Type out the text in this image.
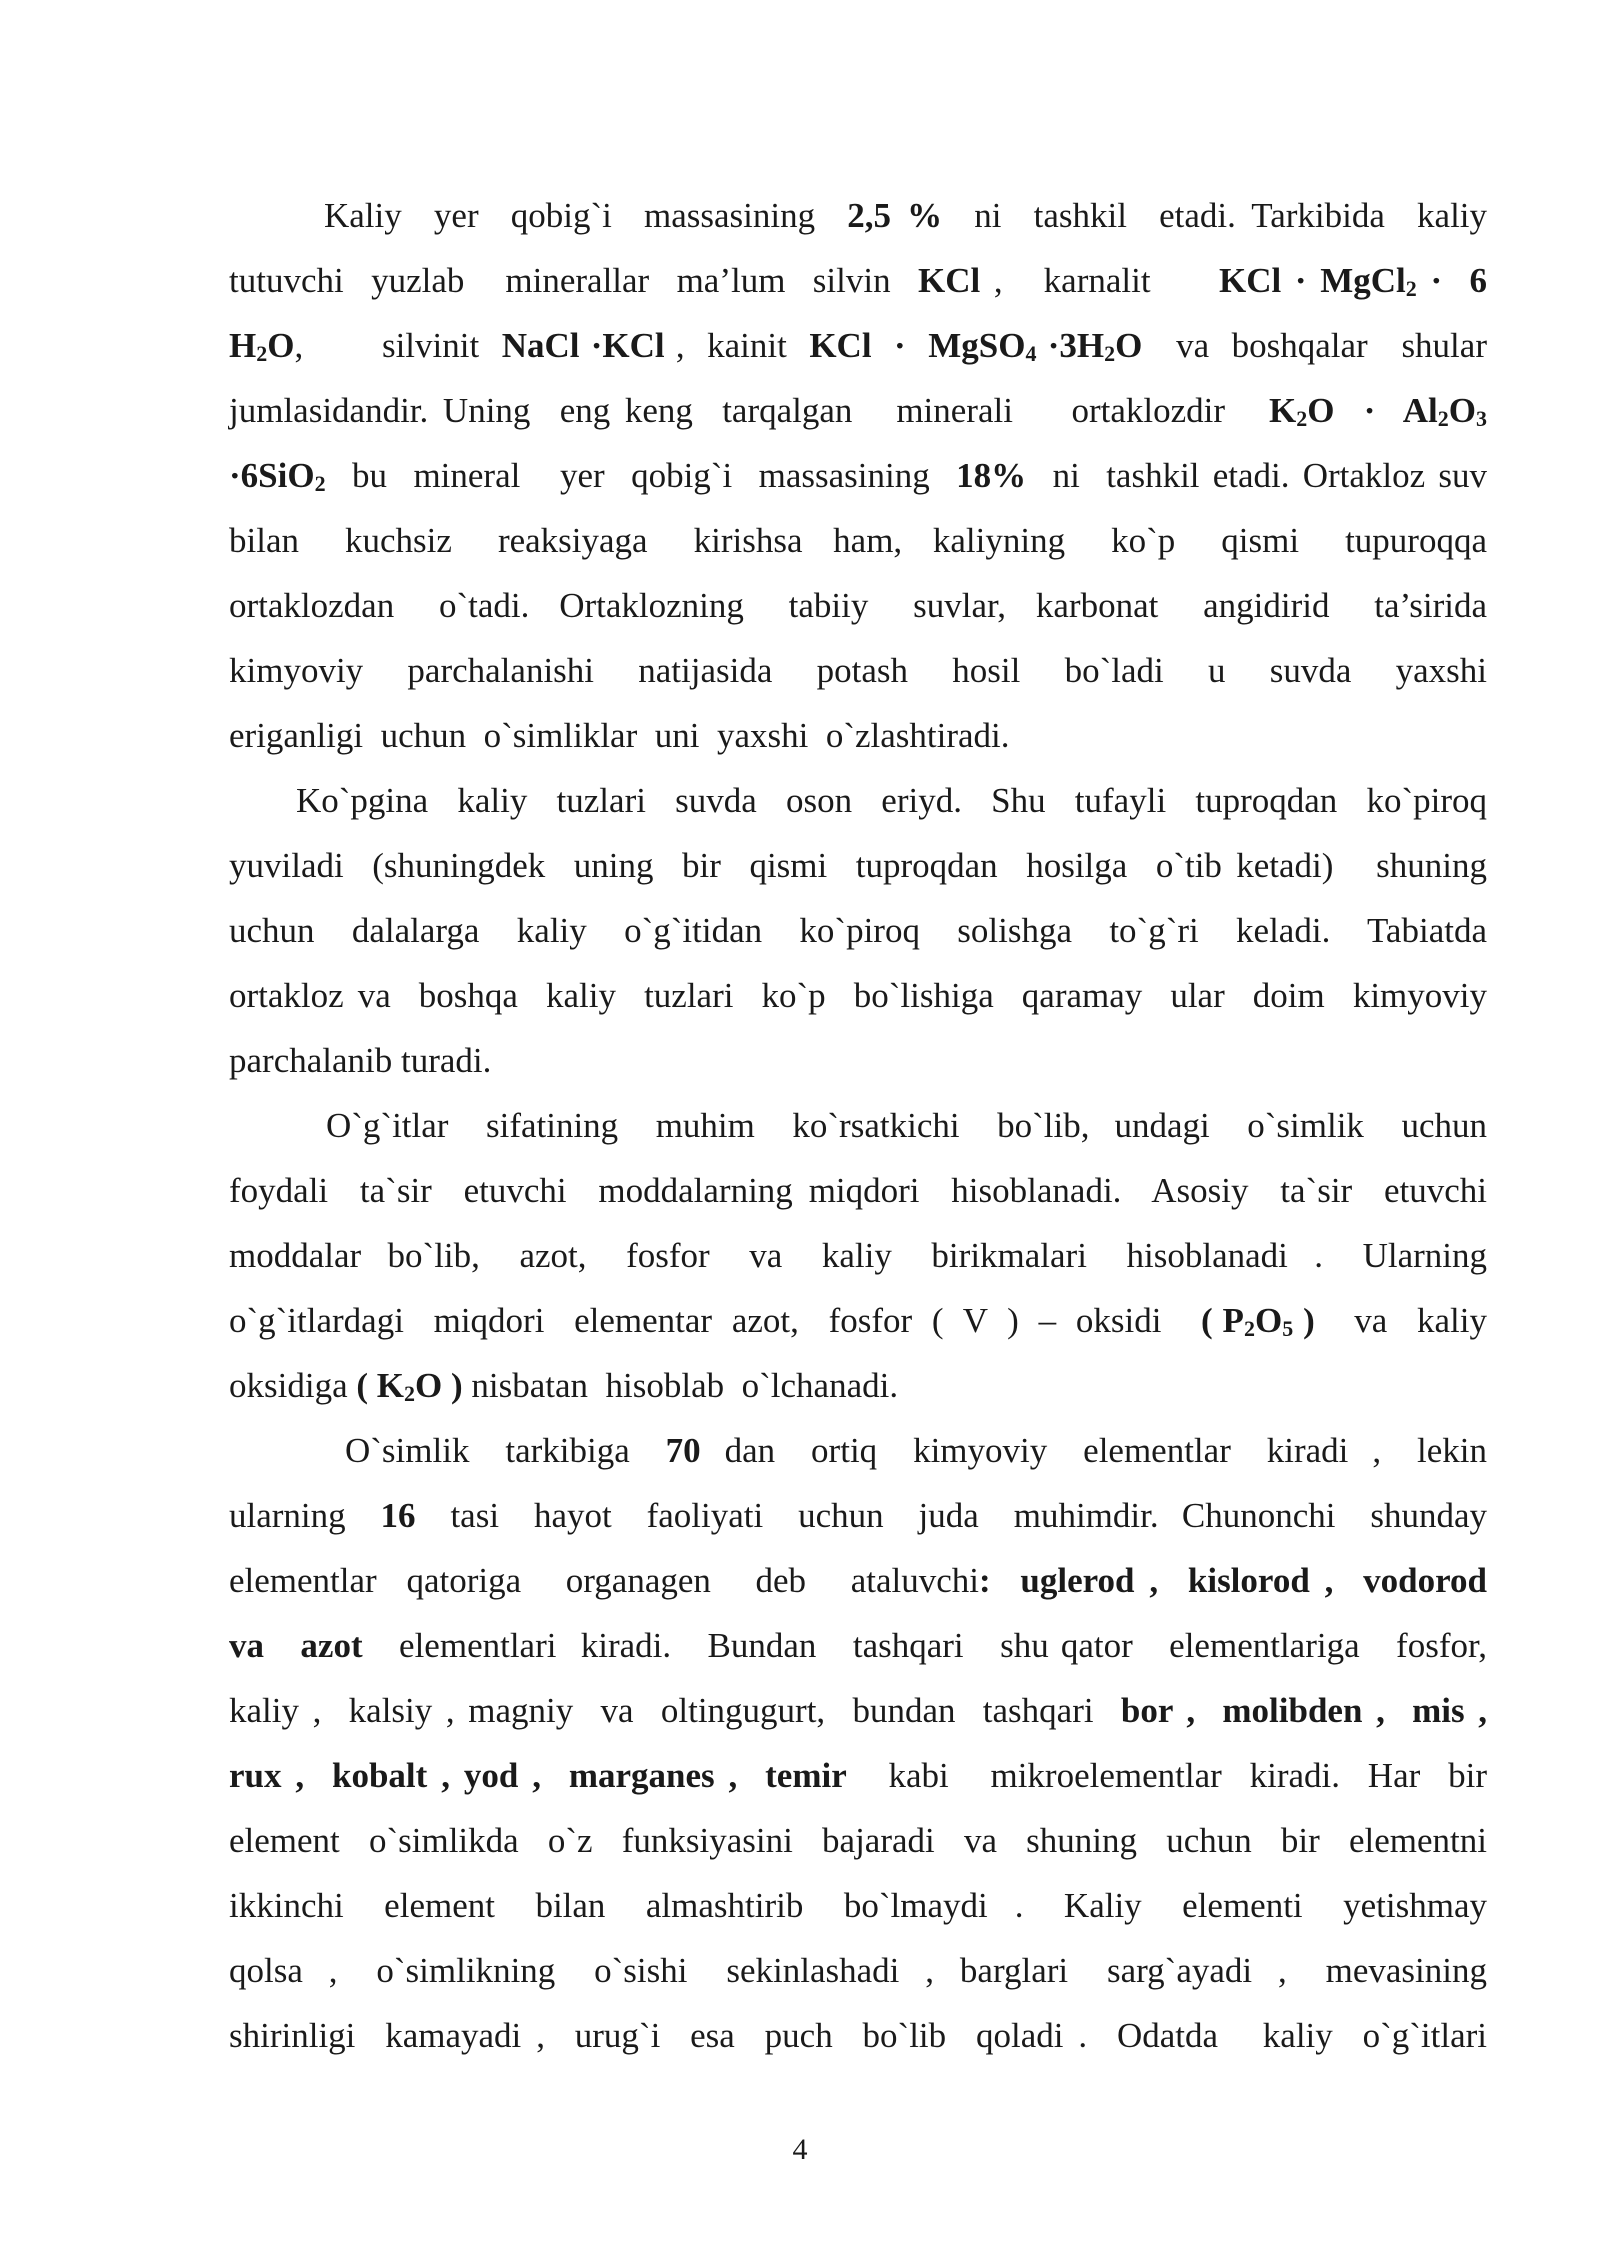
Kaliy  yer  qobig`i  massasining  2,5 %  ni  tashkil  etadi. Tarkibida  kaliy
tutuvchi  yuzlab   minerallar  ma’lum  silvin  KCl ,   karnalit     KCl · MgCl$_2$ ·  6
$H_2O$,       silvinit  NaCl ·KCl ,  kainit  KCl  ·  MgSO$_4$ $\cdot 3H_2O$   va  boshqalar   shular
jumlasidandir. Uning  eng keng  tarqalgan   minerali    ortaklozdir   $K_2O \cdot Al_2O_3$
·6SiO$_2$  bu  mineral   yer  qobig`i  massasining  18%  ni  tashkil etadi. Ortakloz suv
bilan   kuchsiz   reaksiyaga   kirishsa  ham,  kaliyning   ko`p   qismi   tupuroqqa
ortaklozdan   o`tadi.  Ortaklozning   tabiiy   suvlar,  karbonat   angidirid   ta’sirida
kimyoviy   parchalanishi   natijasida   potash   hosil   bo`ladi   u   suvda   yaxshi
eriganligi  uchun  o`simliklar  uni  yaxshi  o`zlashtiradi.
Ko`pgina  kaliy  tuzlari  suvda  oson  eriyd.  Shu  tufayli  tuproqdan  ko`piroq
yuviladi  (shuningdek  uning  bir  qismi  tuproqdan  hosilga  o`tib ketadi)   shuning
uchun  dalalarga  kaliy  o`g`itidan  ko`piroq  solishga  to`g`ri  keladi.  Tabiatda
ortakloz va  boshqa  kaliy  tuzlari  ko`p  bo`lishiga  qaramay  ular  doim  kimyoviy
parchalanib turadi.
O`g`itlar   sifatining   muhim   ko`rsatkichi   bo`lib,  undagi   o`simlik   uchun
foydali  ta`sir  etuvchi  moddalarning miqdori  hisoblanadi.  Asosiy  ta`sir  etuvchi
moddalar  bo`lib,   azot,   fosfor   va   kaliy   birikmalari   hisoblanadi  .   Ularning
o`g`itlardagi   miqdori   elementar  azot,   fosfor  (  V  )  –  oksidi    ( $P_2O_5$ )    va   kaliy
oksidiga ( $K_2O$ ) nisbatan  hisoblab  o`lchanadi.
O`simlik   tarkibiga   70  dan   ortiq   kimyoviy   elementlar   kiradi  ,   lekin
ularning   16   tasi   hayot   faoliyati   uchun   juda   muhimdir.  Chunonchi   shunday
elementlar  qatoriga   organagen   deb   ataluvchi:  uglerod ,  kislorod ,  vodorod
va   azot   elementlari  kiradi.   Bundan   tashqari   shu qator   elementlariga   fosfor,
kaliy ,  kalsiy , magniy  va  oltingugurt,  bundan  tashqari  bor ,  molibden ,  mis ,
rux ,  kobalt , yod ,  marganes ,  temir   kabi   mikroelementlar  kiradi.  Har  bir
element  o`simlikda  o`z  funksiyasini  bajaradi  va  shuning  uchun  bir  elementni
ikkinchi   element   bilan   almashtirib   bo`lmaydi  .   Kaliy   elementi   yetishmay
qolsa  ,   o`simlikning   o`sishi   sekinlashadi  ,  barglari   sarg`ayadi  ,   mevasining
shirinligi  kamayadi ,  urug`i  esa  puch  bo`lib  qoladi .  Odatda   kaliy  o`g`itlari
4
